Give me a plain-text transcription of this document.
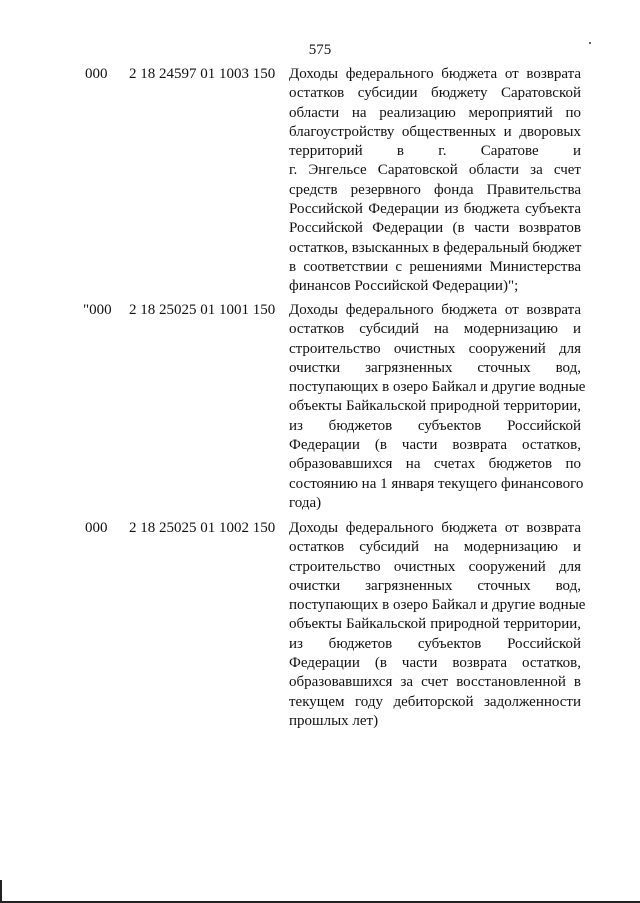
575
000 2 18 24597 01 1003 150 Доходы федерального бюджета от возврата
остатков субсидии бюджету Саратовской
области на реализацию мероприятий по
благоустройству общественных и дворовых
территорий в г. Саратове и
г. Энгельсе Саратовской области за счет
средств резервного фонда Правительства
Российской Федерации из бюджета субъекта
Российской Федерации (в части возвратов
остатков, взысканных в федеральный бюджет
в соответствии с решениями Министерства
финансов Российской Федерации)";
"000 2 18 25025 01 1001 150 Доходы федерального бюджета от возврата
остатков субсидий на модернизацию и
строительство очистных сооружений для
очистки загрязненных сточных вод,
поступающих в озеро Байкал и другие водные
объекты Байкальской природной территории,
из бюджетов субъектов Российской
Федерации (в части возврата остатков,
образовавшихся на счетах бюджетов по
состоянию на 1 января текущего финансового
года)
000 2 18 25025 01 1002 150 Доходы федерального бюджета от возврата
остатков субсидий на модернизацию и
строительство очистных сооружений для
очистки загрязненных сточных вод,
поступающих в озеро Байкал и другие водные
объекты Байкальской природной территории,
из бюджетов субъектов Российской
Федерации (в части возврата остатков,
образовавшихся за счет восстановленной в
текущем году дебиторской задолженности
прошлых лет)
